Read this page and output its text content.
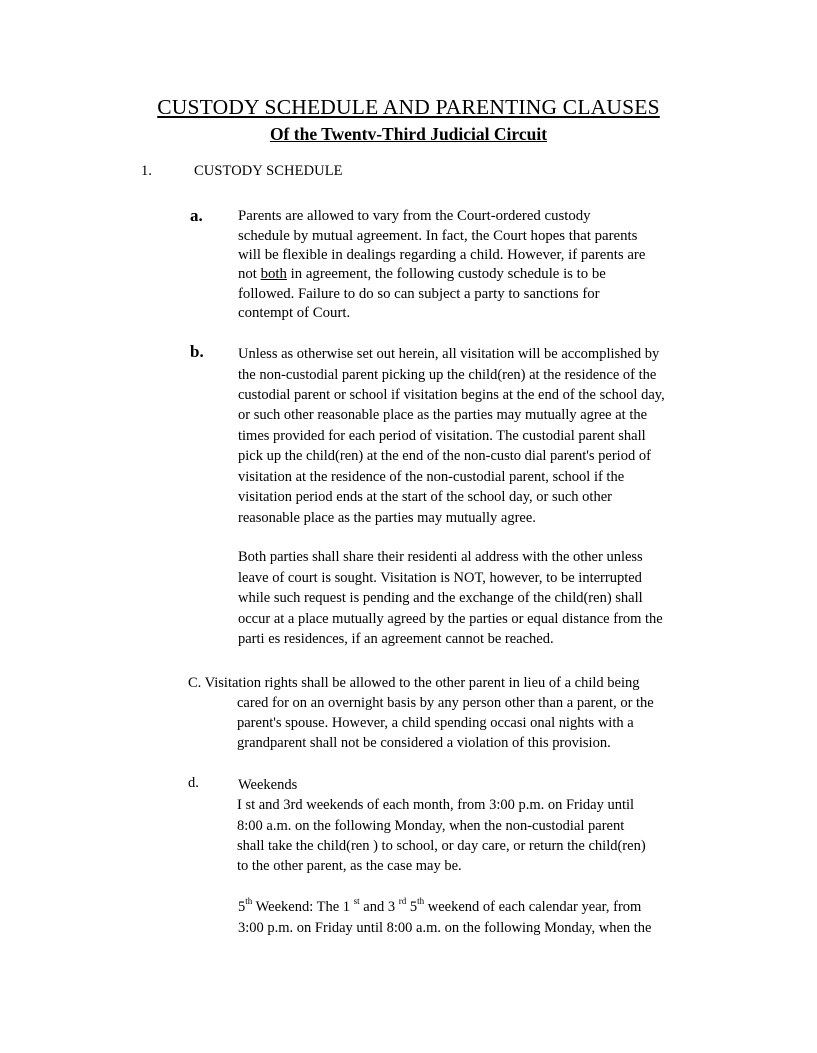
CUSTODY SCHEDULE AND PARENTING CLAUSES
Of the Twentv-Third Judicial Circuit
1.	CUSTODY SCHEDULE
a. Parents are allowed to vary from the Court-ordered custody
schedule by mutual agreement. In fact, the Court hopes that parents
will be flexible in dealings regarding a child. However, if parents are
not both in agreement, the following custody schedule is to be
followed. Failure to do so can subject a party to sanctions for
contempt of Court.
b. Unless as otherwise set out herein, all visitation will be accomplished by
the non-custodial parent picking up the child(ren) at the residence of the
custodial parent or school if visitation begins at the end of the school day,
or such other reasonable place as the parties may mutually agree at the
times provided for each period of visitation. The custodial parent shall
pick up the child(ren) at the end of the non-custo dial parent's period of
visitation at the residence of the non-custodial parent, school if the
visitation period ends at the start of the school day, or such other
reasonable place as the parties may mutually agree.
Both parties shall share their residenti al address with the other unless
leave of court is sought. Visitation is NOT, however, to be interrupted
while such request is pending and the exchange of the child(ren) shall
occur at a place mutually agreed by the parties or equal distance from the
parti es residences, if an agreement cannot be reached.
C. Visitation rights shall be allowed to the other parent in lieu of a child being
cared for on an overnight basis by any person other than a parent, or the
parent's spouse. However, a child spending occasi onal nights with a
grandparent shall not be considered a violation of this provision.
d.	Weekends
I st and 3rd weekends of each month, from 3:00 p.m. on Friday until
8:00 a.m. on the following Monday, when the non-custodial parent
shall take the child(ren ) to school, or day care, or return the child(ren)
to the other parent, as the case may be.
5th Weekend: The 1 $^{st}$ and 3 $^{rd}$ 5th weekend of each calendar year, from
3:00 p.m. on Friday until 8:00 a.m. on the following Monday, when the
